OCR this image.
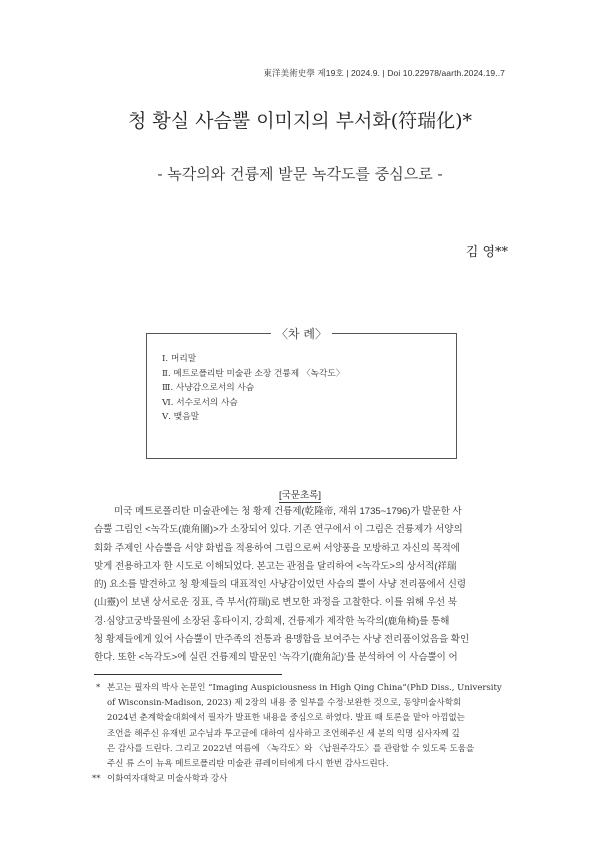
東洋美術史學 제19호 | 2024.9. | Doi 10.22978/aarth.2024.19..7
청 황실 사슴뿔 이미지의 부서화(符瑞化)*
- 녹각의와 건륭제 발문 녹각도를 중심으로 -
김 영**
〈차 례〉
Ⅰ. 머리말
Ⅱ. 메트로폴리탄 미술관 소장 건륭제 〈녹각도〉
Ⅲ. 사냥감으로서의 사슴
Ⅵ. 서수로서의 사슴
Ⅴ. 맺음말
[국문초록]
미국 메트로폴리탄 미술관에는 청 황제 건륭제(乾隆帝, 재위 1735~1796)가 발문한 사
슴뿔 그림인 <녹각도(鹿角圖)>가 소장되어 있다. 기존 연구에서 이 그림은 건륭제가 서양의
회화 주제인 사슴뿔을 서양 화법을 적용하여 그림으로써 서양풍을 모방하고 자신의 목적에
맞게 전용하고자 한 시도로 이해되었다. 본고는 관점을 달리하여 <녹각도>의 상서적(祥瑞
的) 요소를 발견하고 청 황제들의 대표적인 사냥감이었던 사슴의 뿔이 사냥 전리품에서 신령
(山靈)이 보낸 상서로운 징표, 즉 부서(符瑞)로 변모한 과정을 고찰한다. 이를 위해 우선 북
경·심양고궁박물원에 소장된 홍타이지, 강희제, 건륭제가 제작한 녹각의(鹿角椅)를 통해
청 황제들에게 있어 사슴뿔이 만주족의 전통과 용맹함을 보여주는 사냥 전리품이었음을 확인
한다. 또한 <녹각도>에 실린 건륭제의 발문인 ‘녹각기(鹿角記)’를 분석하여 이 사슴뿔이 어
* 본고는 필자의 박사 논문인 “Imaging Auspiciousness in High Qing China”(PhD Diss., University
of Wisconsin-Madison, 2023) 제 2장의 내용 중 일부를 수정·보완한 것으로, 동양미술사학회
2024년 춘계학술대회에서 필자가 발표한 내용을 중심으로 하였다. 발표 때 토론을 맡아 아낌없는
조언을 해주신 유재빈 교수님과 투고글에 대하여 심사하고 조언해주신 세 분의 익명 심사자께 깊
은 감사를 드린다. 그리고 2022년 여름에 〈녹각도〉와 〈납원주각도〉를 관람할 수 있도록 도움을
주신 류 스이 뉴욕 메트로폴리탄 미술관 큐레이터에게 다시 한번 감사드린다.
** 이화여자대학교 미술사학과 강사
